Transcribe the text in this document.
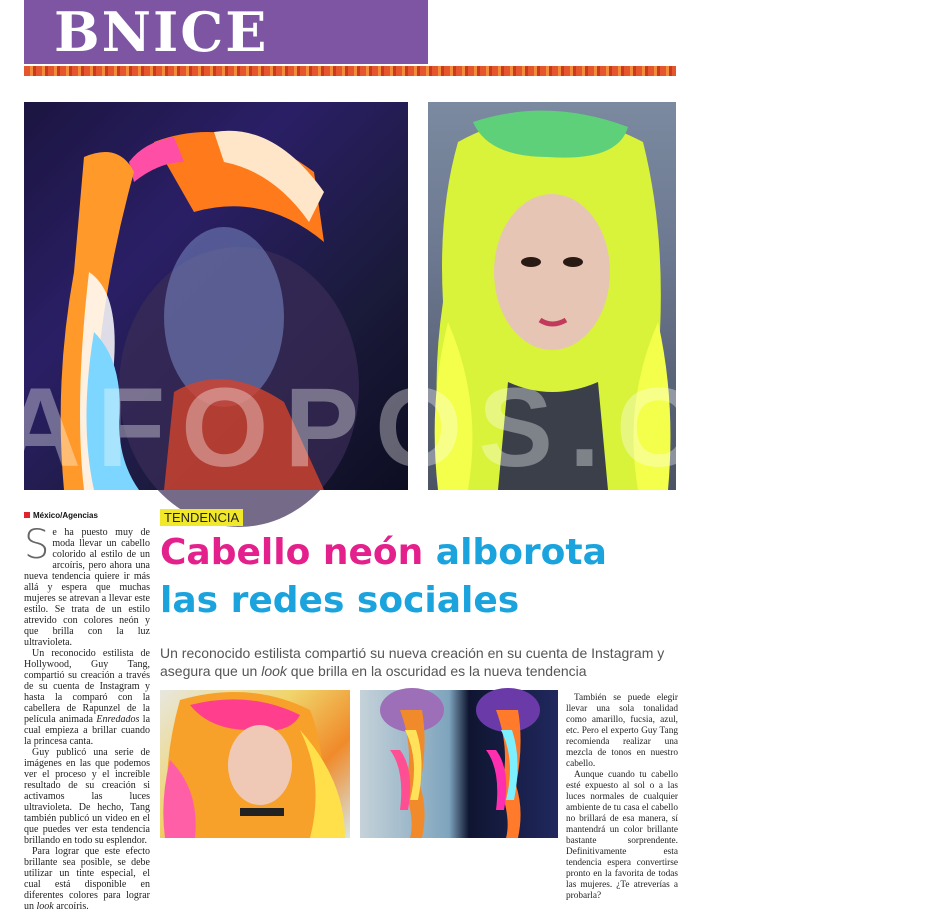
BNICE
AFOPOS.COM
México/Agencias

Se ha puesto muy de moda llevar un cabello colorido al estilo de un arcoíris, pero ahora una nueva tendencia quiere ir más allá y espera que muchas mujeres se atrevan a llevar este estilo. Se trata de un estilo atrevido con colores neón y que brilla con la luz ultravioleta.

Un reconocido estilista de Hollywood, Guy Tang, compartió su creación a través de su cuenta de Instagram y hasta la comparó con la cabellera de Rapunzel de la película animada Enredados la cual empieza a brillar cuando la princesa canta.

Guy publicó una serie de imágenes en las que podemos ver el proceso y el increíble resultado de su creación si activamos las luces ultravioleta. De hecho, Tang también publicó un video en el que puedes ver esta tendencia brillando en todo su esplendor.

Para lograr que este efecto brillante sea posible, se debe utilizar un tinte especial, el cual está disponible en diferentes colores para lograr un look arcoíris.

TENDENCIA
Cabello neón alborota
las redes sociales
Un reconocido estilista compartió su nueva creación en su cuenta de Instagram y asegura que un look que brilla en la oscuridad es la nueva tendencia

También se puede elegir llevar una sola tonalidad como amarillo, fucsia, azul, etc. Pero el experto Guy Tang recomienda realizar una mezcla de tonos en nuestro cabello.

Aunque cuando tu cabello esté expuesto al sol o a las luces normales de cualquier ambiente de tu casa el cabello no brillará de esa manera, sí mantendrá un color brillante bastante sorprendente. Definitivamente esta tendencia espera convertirse pronto en la favorita de todas las mujeres. ¿Te atreverías a probarla?
